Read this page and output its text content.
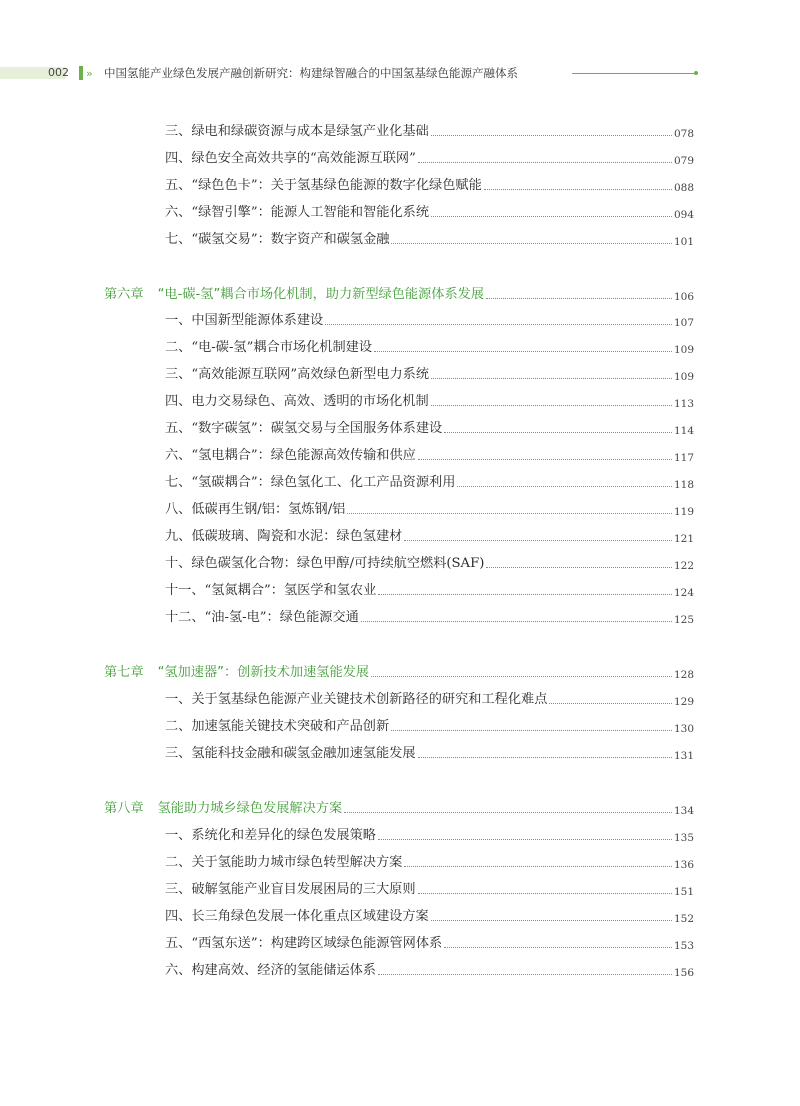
002 » 中国氢能产业绿色发展产融创新研究：构建绿智融合的中国氢基绿色能源产融体系
三、绿电和绿碳资源与成本是绿氢产业化基础	078
四、绿色安全高效共享的“高效能源互联网”	079
五、“绿色色卡”：关于氢基绿色能源的数字化绿色赋能	088
六、“绿智引擎”：能源人工智能和智能化系统	094
七、“碳氢交易”：数字资产和碳氢金融	101
第六章 “电-碳-氢”耦合市场化机制，助力新型绿色能源体系发展	106
一、中国新型能源体系建设	107
二、“电-碳-氢”耦合市场化机制建设	109
三、“高效能源互联网”高效绿色新型电力系统	109
四、电力交易绿色、高效、透明的市场化机制	113
五、“数字碳氢”：碳氢交易与全国服务体系建设	114
六、“氢电耦合”：绿色能源高效传输和供应	117
七、“氢碳耦合”：绿色氢化工、化工产品资源利用	118
八、低碳再生钢/铝：氢炼钢/铝	119
九、低碳玻璃、陶瓷和水泥：绿色氢建材	121
十、绿色碳氢化合物：绿色甲醇/可持续航空燃料(SAF)	122
十一、“氢氮耦合”：氢医学和氢农业	124
十二、“油-氢-电”：绿色能源交通	125
第七章 “氢加速器”：创新技术加速氢能发展	128
一、关于氢基绿色能源产业关键技术创新路径的研究和工程化难点	129
二、加速氢能关键技术突破和产品创新	130
三、氢能科技金融和碳氢金融加速氢能发展	131
第八章 氢能助力城乡绿色发展解决方案	134
一、系统化和差异化的绿色发展策略	135
二、关于氢能助力城市绿色转型解决方案	136
三、破解氢能产业盲目发展困局的三大原则	151
四、长三角绿色发展一体化重点区域建设方案	152
五、“西氢东送”：构建跨区域绿色能源管网体系	153
六、构建高效、经济的氢能储运体系	156
